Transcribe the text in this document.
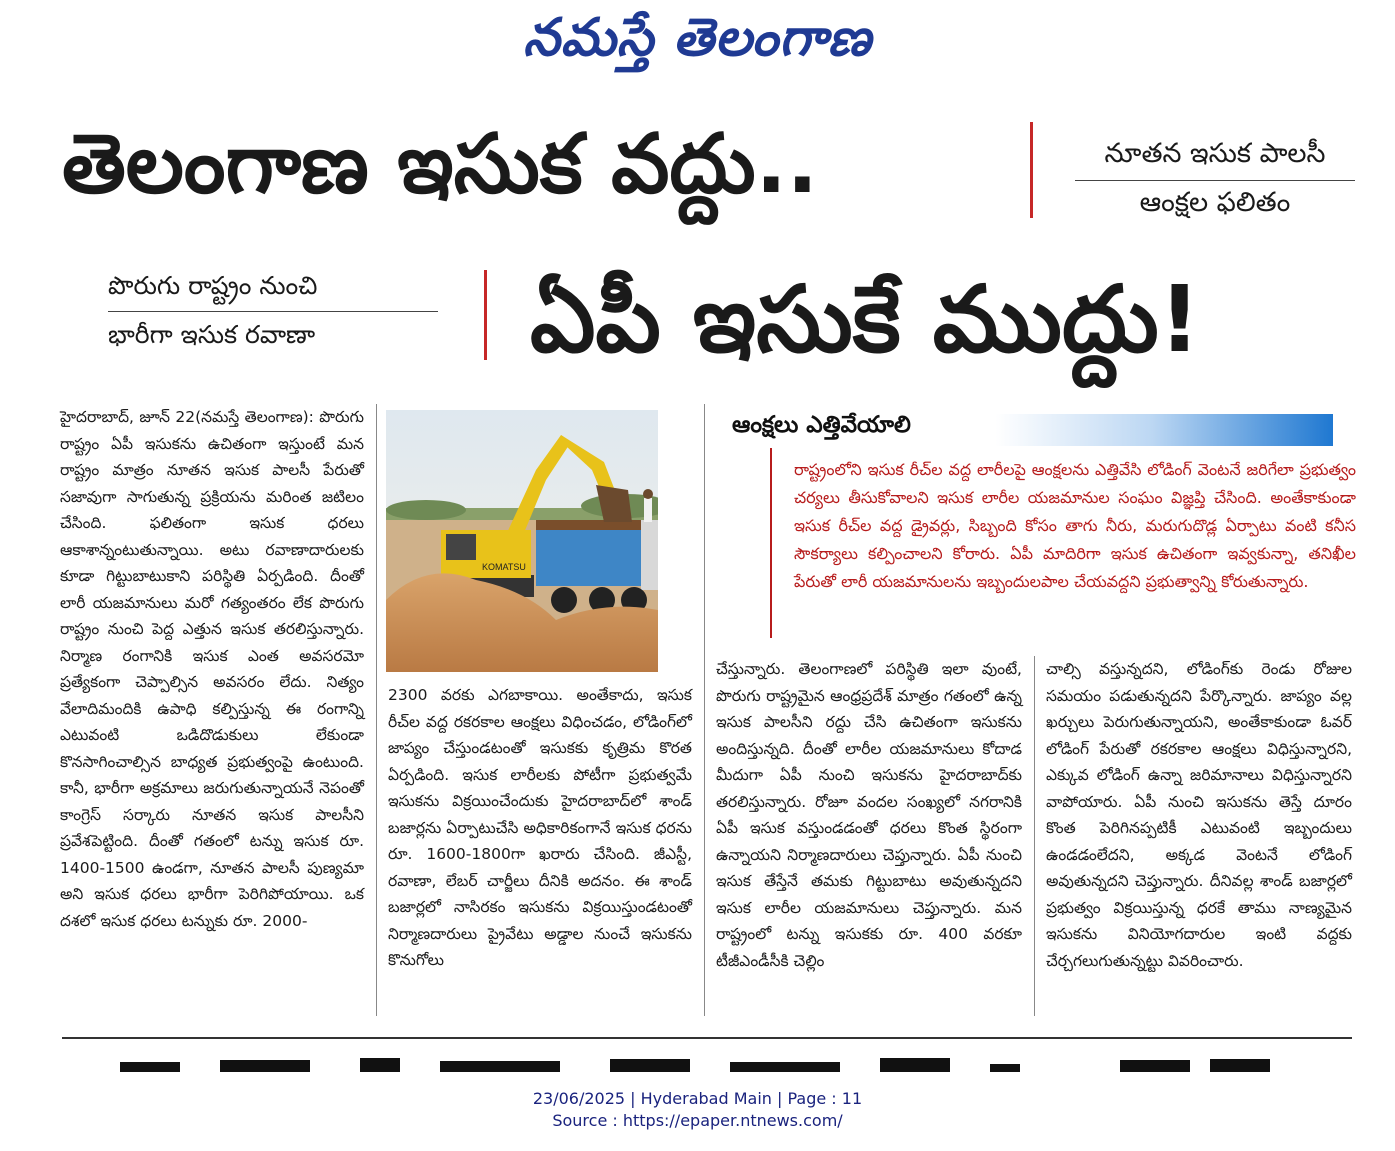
నమస్తే తెలంగాణ
తెలంగాణ ఇసుక వద్దు..	నూతన ఇసుక పాలసీ
ఆంక్షల ఫలితం
పొరుగు రాష్ట్రం నుంచి
భారీగా ఇసుక రవాణా	ఏపీ ఇసుకే ముద్దు!
హైదరాబాద్, జూన్ 22(నమస్తే తెలంగాణ): పొరుగు రాష్ట్రం ఏపీ ఇసుకను ఉచితంగా ఇస్తుంటే మన రాష్ట్రం మాత్రం నూతన ఇసుక పాలసీ పేరుతో సజావుగా సాగుతున్న ప్రక్రియను మరింత జటిలం చేసింది. ఫలితంగా ఇసుక ధరలు ఆకాశాన్నంటుతున్నాయి. అటు రవాణాదారులకు కూడా గిట్టుబాటుకాని పరిస్థితి ఏర్పడింది. దీంతో లారీ యజమానులు మరో గత్యంతరం లేక పొరుగు రాష్ట్రం నుంచి పెద్ద ఎత్తున ఇసుక తరలిస్తున్నారు. నిర్మాణ రంగానికి ఇసుక ఎంత అవసరమో ప్రత్యేకంగా చెప్పాల్సిన అవసరం లేదు. నిత్యం వేలాదిమందికి ఉపాధి కల్పిస్తున్న ఈ రంగాన్ని ఎటువంటి ఒడిదొడుకులు లేకుండా కొనసాగించాల్సిన బాధ్యత ప్రభుత్వంపై ఉంటుంది. కానీ, భారీగా అక్రమాలు జరుగుతున్నాయనే నెపంతో కాంగ్రెస్ సర్కారు నూతన ఇసుక పాలసీని ప్రవేశపెట్టింది. దీంతో గతంలో టన్ను ఇసుక రూ. 1400-1500 ఉండగా, నూతన పాలసీ పుణ్యమా అని ఇసుక ధరలు భారీగా పెరిగిపోయాయి. ఒక దశలో ఇసుక ధరలు టన్నుకు రూ. 2000-
KOMATSU
2300 వరకు ఎగబాకాయి. అంతేకాదు, ఇసుక రీచ్‌ల వద్ద రకరకాల ఆంక్షలు విధించడం, లోడింగ్‌లో జాప్యం చేస్తుండటంతో ఇసుకకు కృత్రిమ కొరత ఏర్పడింది. ఇసుక లారీలకు పోటీగా ప్రభుత్వమే ఇసుకను విక్రయించేందుకు హైదరాబాద్‌లో శాండ్ బజార్లను ఏర్పాటుచేసి అధికారికంగానే ఇసుక ధరను రూ. 1600-1800గా ఖరారు చేసింది. జీఎస్టీ, రవాణా, లేబర్ చార్జీలు దీనికి అదనం. ఈ శాండ్ బజార్లలో నాసిరకం ఇసుకను విక్రయిస్తుండటంతో నిర్మాణదారులు ప్రైవేటు అడ్డాల నుంచే ఇసుకను కొనుగోలు
ఆంక్షలు ఎత్తివేయాలి

రాష్ట్రంలోని ఇసుక రీచ్‌ల వద్ద లారీలపై ఆంక్షలను ఎత్తివేసి లోడింగ్ వెంటనే జరిగేలా ప్రభుత్వం చర్యలు తీసుకోవాలని ఇసుక లారీల యజమానుల సంఘం విజ్ఞప్తి చేసింది. అంతేకాకుండా ఇసుక రీచ్‌ల వద్ద డ్రైవర్లు, సిబ్బంది కోసం తాగు నీరు, మరుగుదొడ్ల ఏర్పాటు వంటి కనీస సౌకర్యాలు కల్పించాలని కోరారు. ఏపీ మాదిరిగా ఇసుక ఉచితంగా ఇవ్వకున్నా, తనిఖీల పేరుతో లారీ యజమానులను ఇబ్బందులపాల చేయవద్దని ప్రభుత్వాన్ని కోరుతున్నారు.

చేస్తున్నారు. తెలంగాణలో పరిస్థితి ఇలా వుంటే, పొరుగు రాష్ట్రమైన ఆంధ్రప్రదేశ్ మాత్రం గతంలో ఉన్న ఇసుక పాలసీని రద్దు చేసి ఉచితంగా ఇసుకను అందిస్తున్నది. దీంతో లారీల యజమానులు కోదాడ మీదుగా ఏపీ నుంచి ఇసుకను హైదరాబాద్‌కు తరలిస్తున్నారు. రోజూ వందల సంఖ్యలో నగరానికి ఏపీ ఇసుక వస్తుండడంతో ధరలు కొంత స్థిరంగా ఉన్నాయని నిర్మాణదారులు చెప్తున్నారు. ఏపీ నుంచి ఇసుక తేస్తేనే తమకు గిట్టుబాటు అవుతున్నదని ఇసుక లారీల యజమానులు చెప్తున్నారు. మన రాష్ట్రంలో టన్ను ఇసుకకు రూ. 400 వరకూ టీజీఎండీసీకి చెల్లిం
చాల్సి వస్తున్నదని, లోడింగ్‌కు రెండు రోజుల సమయం పడుతున్నదని పేర్కొన్నారు. జాప్యం వల్ల ఖర్చులు పెరుగుతున్నాయని, అంతేకాకుండా ఓవర్ లోడింగ్ పేరుతో రకరకాల ఆంక్షలు విధిస్తున్నారని, ఎక్కువ లోడింగ్ ఉన్నా జరిమానాలు విధిస్తున్నారని వాపోయారు. ఏపీ నుంచి ఇసుకను తెస్తే దూరం కొంత పెరిగినప్పటికీ ఎటువంటి ఇబ్బందులు ఉండడంలేదని, అక్కడ వెంటనే లోడింగ్ అవుతున్నదని చెప్తున్నారు. దీనివల్ల శాండ్ బజార్లలో ప్రభుత్వం విక్రయిస్తున్న ధరకే తాము నాణ్యమైన ఇసుకను వినియోగదారుల ఇంటి వద్దకు చేర్చగలుగుతున్నట్టు వివరించారు.
23/06/2025 | Hyderabad Main | Page : 11
Source : https://epaper.ntnews.com/
